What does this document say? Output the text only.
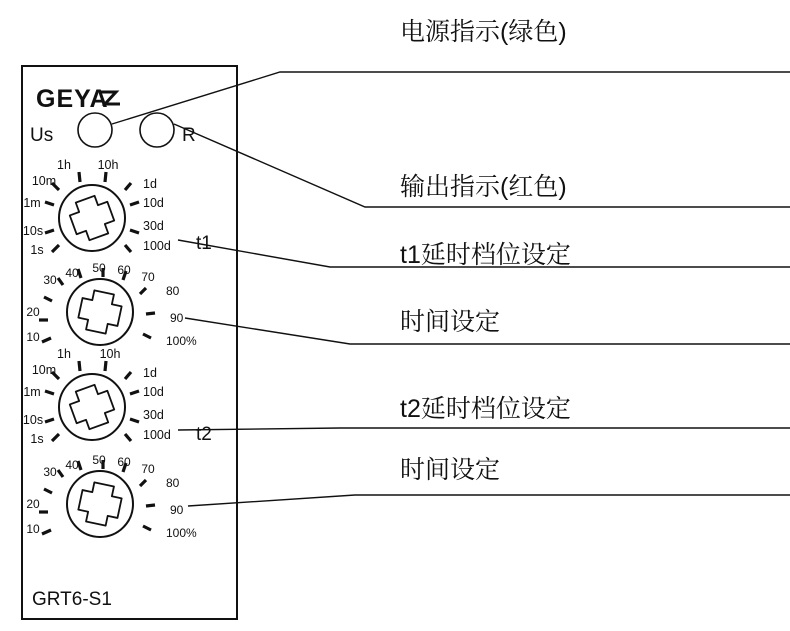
GEYA
Us	R
1h 10h
10m
1m
10s
1s
1d
10d
30d
100d t1
30 40 50 60 70
80
90
100%
20
10
1h 10h
10m
1m
10s
1s
1d
10d
30d
100d t2
30 40 50 60 70
80
90
100%
20
10
GRT6-S1
电源指示(绿色)
输出指示(红色)
t1延时档位设定
时间设定
t2延时档位设定
时间设定
